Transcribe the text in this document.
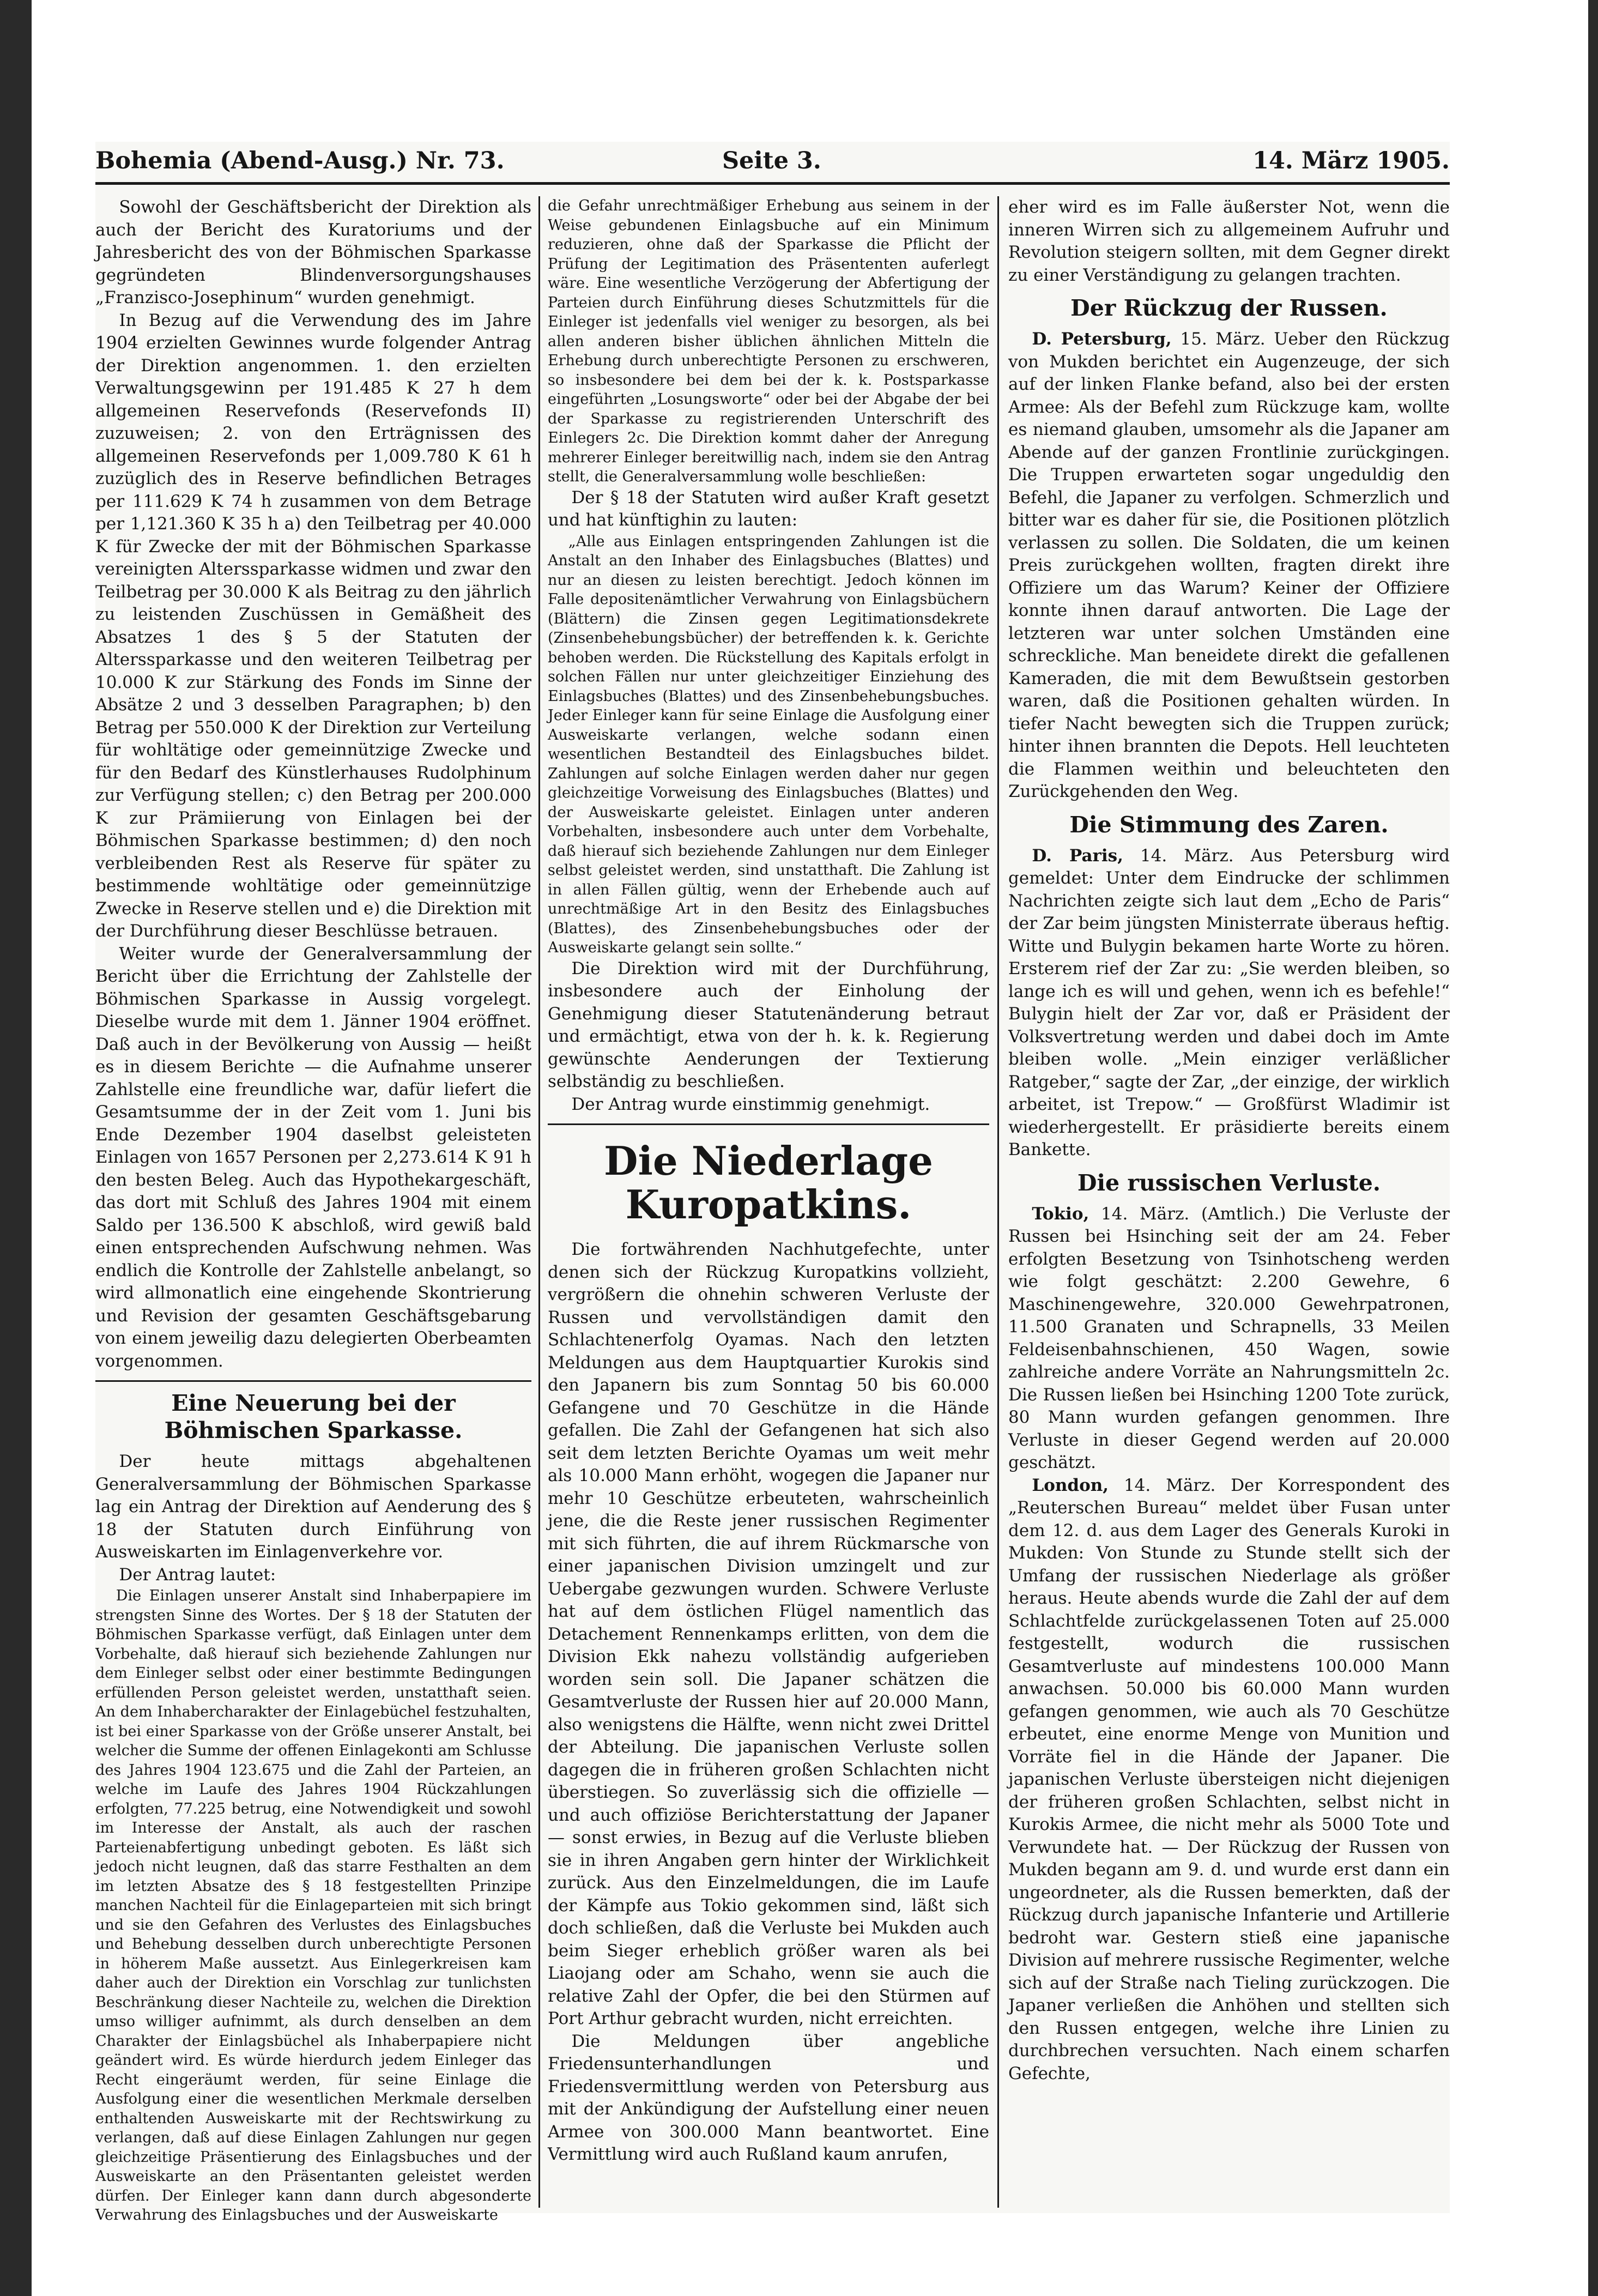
Bohemia (Abend-Ausg.) Nr. 73.	Seite 3.	14. März 1905.

Sowohl der Geschäftsbericht der Direktion als auch der Bericht des Kuratoriums und der Jahresbericht des von der Böhmischen Sparkasse gegründeten Blindenversorgungshauses „Franzisco-Josephinum“ wurden genehmigt.

In Bezug auf die Verwendung des im Jahre 1904 erzielten Gewinnes wurde folgender Antrag der Direktion angenommen. 1. den erzielten Verwaltungsgewinn per 191.485 K 27 h dem allgemeinen Reservefonds (Reservefonds II) zuzuweisen; 2. von den Erträgnissen des allgemeinen Reservefonds per 1,009.780 K 61 h zuzüglich des in Reserve befindlichen Betrages per 111.629 K 74 h zusammen von dem Betrage per 1,121.360 K 35 h a) den Teilbetrag per 40.000 K für Zwecke der mit der Böhmischen Sparkasse vereinigten Alterssparkasse widmen und zwar den Teilbetrag per 30.000 K als Beitrag zu den jährlich zu leistenden Zuschüssen in Gemäßheit des Absatzes 1 des § 5 der Statuten der Alterssparkasse und den weiteren Teilbetrag per 10.000 K zur Stärkung des Fonds im Sinne der Absätze 2 und 3 desselben Paragraphen; b) den Betrag per 550.000 K der Direktion zur Verteilung für wohltätige oder gemeinnützige Zwecke und für den Bedarf des Künstlerhauses Rudolphinum zur Verfügung stellen; c) den Betrag per 200.000 K zur Prämiierung von Einlagen bei der Böhmischen Sparkasse bestimmen; d) den noch verbleibenden Rest als Reserve für später zu bestimmende wohltätige oder gemeinnützige Zwecke in Reserve stellen und e) die Direktion mit der Durchführung dieser Beschlüsse betrauen.

Weiter wurde der Generalversammlung der Bericht über die Errichtung der Zahlstelle der Böhmischen Sparkasse in Aussig vorgelegt. Dieselbe wurde mit dem 1. Jänner 1904 eröffnet. Daß auch in der Bevölkerung von Aussig — heißt es in diesem Berichte — die Aufnahme unserer Zahlstelle eine freundliche war, dafür liefert die Gesamtsumme der in der Zeit vom 1. Juni bis Ende Dezember 1904 daselbst geleisteten Einlagen von 1657 Personen per 2,273.614 K 91 h den besten Beleg. Auch das Hypothekargeschäft, das dort mit Schluß des Jahres 1904 mit einem Saldo per 136.500 K abschloß, wird gewiß bald einen entsprechenden Aufschwung nehmen. Was endlich die Kontrolle der Zahlstelle anbelangt, so wird allmonatlich eine eingehende Skontrierung und Revision der gesamten Geschäftsgebarung von einem jeweilig dazu delegierten Oberbeamten vorgenommen.

Eine Neuerung bei der Böhmischen Sparkasse.

Der heute mittags abgehaltenen Generalversammlung der Böhmischen Sparkasse lag ein Antrag der Direktion auf Aenderung des § 18 der Statuten durch Einführung von Ausweiskarten im Einlagenverkehre vor.

Der Antrag lautet:

Die Einlagen unserer Anstalt sind Inhaberpapiere im strengsten Sinne des Wortes. Der § 18 der Statuten der Böhmischen Sparkasse verfügt, daß Einlagen unter dem Vorbehalte, daß hierauf sich beziehende Zahlungen nur dem Einleger selbst oder einer bestimmte Bedingungen erfüllenden Person geleistet werden, unstatthaft seien. An dem Inhabercharakter der Einlagebüchel festzuhalten, ist bei einer Sparkasse von der Größe unserer Anstalt, bei welcher die Summe der offenen Einlagekonti am Schlusse des Jahres 1904 123.675 und die Zahl der Parteien, an welche im Laufe des Jahres 1904 Rückzahlungen erfolgten, 77.225 betrug, eine Notwendigkeit und sowohl im Interesse der Anstalt, als auch der raschen Parteienabfertigung unbedingt geboten. Es läßt sich jedoch nicht leugnen, daß das starre Festhalten an dem im letzten Absatze des § 18 festgestellten Prinzipe manchen Nachteil für die Einlageparteien mit sich bringt und sie den Gefahren des Verlustes des Einlagsbuches und Behebung desselben durch unberechtigte Personen in höherem Maße aussetzt. Aus Einlegerkreisen kam daher auch der Direktion ein Vorschlag zur tunlichsten Beschränkung dieser Nachteile zu, welchen die Direktion umso williger aufnimmt, als durch denselben an dem Charakter der Einlagsbüchel als Inhaberpapiere nicht geändert wird. Es würde hierdurch jedem Einleger das Recht eingeräumt werden, für seine Einlage die Ausfolgung einer die wesentlichen Merkmale derselben enthaltenden Ausweiskarte mit der Rechtswirkung zu verlangen, daß auf diese Einlagen Zahlungen nur gegen gleichzeitige Präsentierung des Einlagsbuches und der Ausweiskarte an den Präsentanten geleistet werden dürfen. Der Einleger kann dann durch abgesonderte Verwahrung des Einlagsbuches und der Ausweiskarte

die Gefahr unrechtmäßiger Erhebung aus seinem in der Weise gebundenen Einlagsbuche auf ein Minimum reduzieren, ohne daß der Sparkasse die Pflicht der Prüfung der Legitimation des Präsententen auferlegt wäre. Eine wesentliche Verzögerung der Abfertigung der Parteien durch Einführung dieses Schutzmittels für die Einleger ist jedenfalls viel weniger zu besorgen, als bei allen anderen bisher üblichen ähnlichen Mitteln die Erhebung durch unberechtigte Personen zu erschweren, so insbesondere bei dem bei der k. k. Postsparkasse eingeführten „Losungsworte“ oder bei der Abgabe der bei der Sparkasse zu registrierenden Unterschrift des Einlegers 2c. Die Direktion kommt daher der Anregung mehrerer Einleger bereitwillig nach, indem sie den Antrag stellt, die Generalversammlung wolle beschließen:

Der § 18 der Statuten wird außer Kraft gesetzt und hat künftighin zu lauten:

„Alle aus Einlagen entspringenden Zahlungen ist die Anstalt an den Inhaber des Einlagsbuches (Blattes) und nur an diesen zu leisten berechtigt. Jedoch können im Falle depositenämtlicher Verwahrung von Einlagsbüchern (Blättern) die Zinsen gegen Legitimationsdekrete (Zinsenbehebungsbücher) der betreffenden k. k. Gerichte behoben werden. Die Rückstellung des Kapitals erfolgt in solchen Fällen nur unter gleichzeitiger Einziehung des Einlagsbuches (Blattes) und des Zinsenbehebungsbuches. Jeder Einleger kann für seine Einlage die Ausfolgung einer Ausweiskarte verlangen, welche sodann einen wesentlichen Bestandteil des Einlagsbuches bildet. Zahlungen auf solche Einlagen werden daher nur gegen gleichzeitige Vorweisung des Einlagsbuches (Blattes) und der Ausweiskarte geleistet. Einlagen unter anderen Vorbehalten, insbesondere auch unter dem Vorbehalte, daß hierauf sich beziehende Zahlungen nur dem Einleger selbst geleistet werden, sind unstatthaft. Die Zahlung ist in allen Fällen gültig, wenn der Erhebende auch auf unrechtmäßige Art in den Besitz des Einlagsbuches (Blattes), des Zinsenbehebungsbuches oder der Ausweiskarte gelangt sein sollte.“

Die Direktion wird mit der Durchführung, insbesondere auch der Einholung der Genehmigung dieser Statutenänderung betraut und ermächtigt, etwa von der h. k. k. Regierung gewünschte Aenderungen der Textierung selbständig zu beschließen.

Der Antrag wurde einstimmig genehmigt.

Die Niederlage Kuropatkins.

Die fortwährenden Nachhutgefechte, unter denen sich der Rückzug Kuropatkins vollzieht, vergrößern die ohnehin schweren Verluste der Russen und vervollständigen damit den Schlachtenerfolg Oyamas. Nach den letzten Meldungen aus dem Hauptquartier Kurokis sind den Japanern bis zum Sonntag 50 bis 60.000 Gefangene und 70 Geschütze in die Hände gefallen. Die Zahl der Gefangenen hat sich also seit dem letzten Berichte Oyamas um weit mehr als 10.000 Mann erhöht, wogegen die Japaner nur mehr 10 Geschütze erbeuteten, wahrscheinlich jene, die die Reste jener russischen Regimenter mit sich führten, die auf ihrem Rückmarsche von einer japanischen Division umzingelt und zur Uebergabe gezwungen wurden. Schwere Verluste hat auf dem östlichen Flügel namentlich das Detachement Rennenkamps erlitten, von dem die Division Ekk nahezu vollständig aufgerieben worden sein soll. Die Japaner schätzen die Gesamtverluste der Russen hier auf 20.000 Mann, also wenigstens die Hälfte, wenn nicht zwei Drittel der Abteilung. Die japanischen Verluste sollen dagegen die in früheren großen Schlachten nicht überstiegen. So zuverlässig sich die offizielle — und auch offiziöse Berichterstattung der Japaner — sonst erwies, in Bezug auf die Verluste blieben sie in ihren Angaben gern hinter der Wirklichkeit zurück. Aus den Einzelmeldungen, die im Laufe der Kämpfe aus Tokio gekommen sind, läßt sich doch schließen, daß die Verluste bei Mukden auch beim Sieger erheblich größer waren als bei Liaojang oder am Schaho, wenn sie auch die relative Zahl der Opfer, die bei den Stürmen auf Port Arthur gebracht wurden, nicht erreichten.

Die Meldungen über angebliche Friedensunterhandlungen und Friedensvermittlung werden von Petersburg aus mit der Ankündigung der Aufstellung einer neuen Armee von 300.000 Mann beantwortet. Eine Vermittlung wird auch Rußland kaum anrufen,

eher wird es im Falle äußerster Not, wenn die inneren Wirren sich zu allgemeinem Aufruhr und Revolution steigern sollten, mit dem Gegner direkt zu einer Verständigung zu gelangen trachten.

Der Rückzug der Russen.

D. Petersburg, 15. März. Ueber den Rückzug von Mukden berichtet ein Augenzeuge, der sich auf der linken Flanke befand, also bei der ersten Armee: Als der Befehl zum Rückzuge kam, wollte es niemand glauben, umsomehr als die Japaner am Abende auf der ganzen Frontlinie zurückgingen. Die Truppen erwarteten sogar ungeduldig den Befehl, die Japaner zu verfolgen. Schmerzlich und bitter war es daher für sie, die Positionen plötzlich verlassen zu sollen. Die Soldaten, die um keinen Preis zurückgehen wollten, fragten direkt ihre Offiziere um das Warum? Keiner der Offiziere konnte ihnen darauf antworten. Die Lage der letzteren war unter solchen Umständen eine schreckliche. Man beneidete direkt die gefallenen Kameraden, die mit dem Bewußtsein gestorben waren, daß die Positionen gehalten würden. In tiefer Nacht bewegten sich die Truppen zurück; hinter ihnen brannten die Depots. Hell leuchteten die Flammen weithin und beleuchteten den Zurückgehenden den Weg.

Die Stimmung des Zaren.

D. Paris, 14. März. Aus Petersburg wird gemeldet: Unter dem Eindrucke der schlimmen Nachrichten zeigte sich laut dem „Echo de Paris“ der Zar beim jüngsten Ministerrate überaus heftig. Witte und Bulygin bekamen harte Worte zu hören. Ersterem rief der Zar zu: „Sie werden bleiben, so lange ich es will und gehen, wenn ich es befehle!“ Bulygin hielt der Zar vor, daß er Präsident der Volksvertretung werden und dabei doch im Amte bleiben wolle. „Mein einziger verläßlicher Ratgeber,“ sagte der Zar, „der einzige, der wirklich arbeitet, ist Trepow.“ — Großfürst Wladimir ist wiederhergestellt. Er präsidierte bereits einem Bankette.

Die russischen Verluste.

Tokio, 14. März. (Amtlich.) Die Verluste der Russen bei Hsinching seit der am 24. Feber erfolgten Besetzung von Tsinhotscheng werden wie folgt geschätzt: 2.200 Gewehre, 6 Maschinengewehre, 320.000 Gewehrpatronen, 11.500 Granaten und Schrapnells, 33 Meilen Feldeisenbahnschienen, 450 Wagen, sowie zahlreiche andere Vorräte an Nahrungsmitteln 2c. Die Russen ließen bei Hsinching 1200 Tote zurück, 80 Mann wurden gefangen genommen. Ihre Verluste in dieser Gegend werden auf 20.000 geschätzt.

London, 14. März. Der Korrespondent des „Reuterschen Bureau“ meldet über Fusan unter dem 12. d. aus dem Lager des Generals Kuroki in Mukden: Von Stunde zu Stunde stellt sich der Umfang der russischen Niederlage als größer heraus. Heute abends wurde die Zahl der auf dem Schlachtfelde zurückgelassenen Toten auf 25.000 festgestellt, wodurch die russischen Gesamtverluste auf mindestens 100.000 Mann anwachsen. 50.000 bis 60.000 Mann wurden gefangen genommen, wie auch als 70 Geschütze erbeutet, eine enorme Menge von Munition und Vorräte fiel in die Hände der Japaner. Die japanischen Verluste übersteigen nicht diejenigen der früheren großen Schlachten, selbst nicht in Kurokis Armee, die nicht mehr als 5000 Tote und Verwundete hat. — Der Rückzug der Russen von Mukden begann am 9. d. und wurde erst dann ein ungeordneter, als die Russen bemerkten, daß der Rückzug durch japanische Infanterie und Artillerie bedroht war. Gestern stieß eine japanische Division auf mehrere russische Regimenter, welche sich auf der Straße nach Tieling zurückzogen. Die Japaner verließen die Anhöhen und stellten sich den Russen entgegen, welche ihre Linien zu durchbrechen versuchten. Nach einem scharfen Gefechte,
